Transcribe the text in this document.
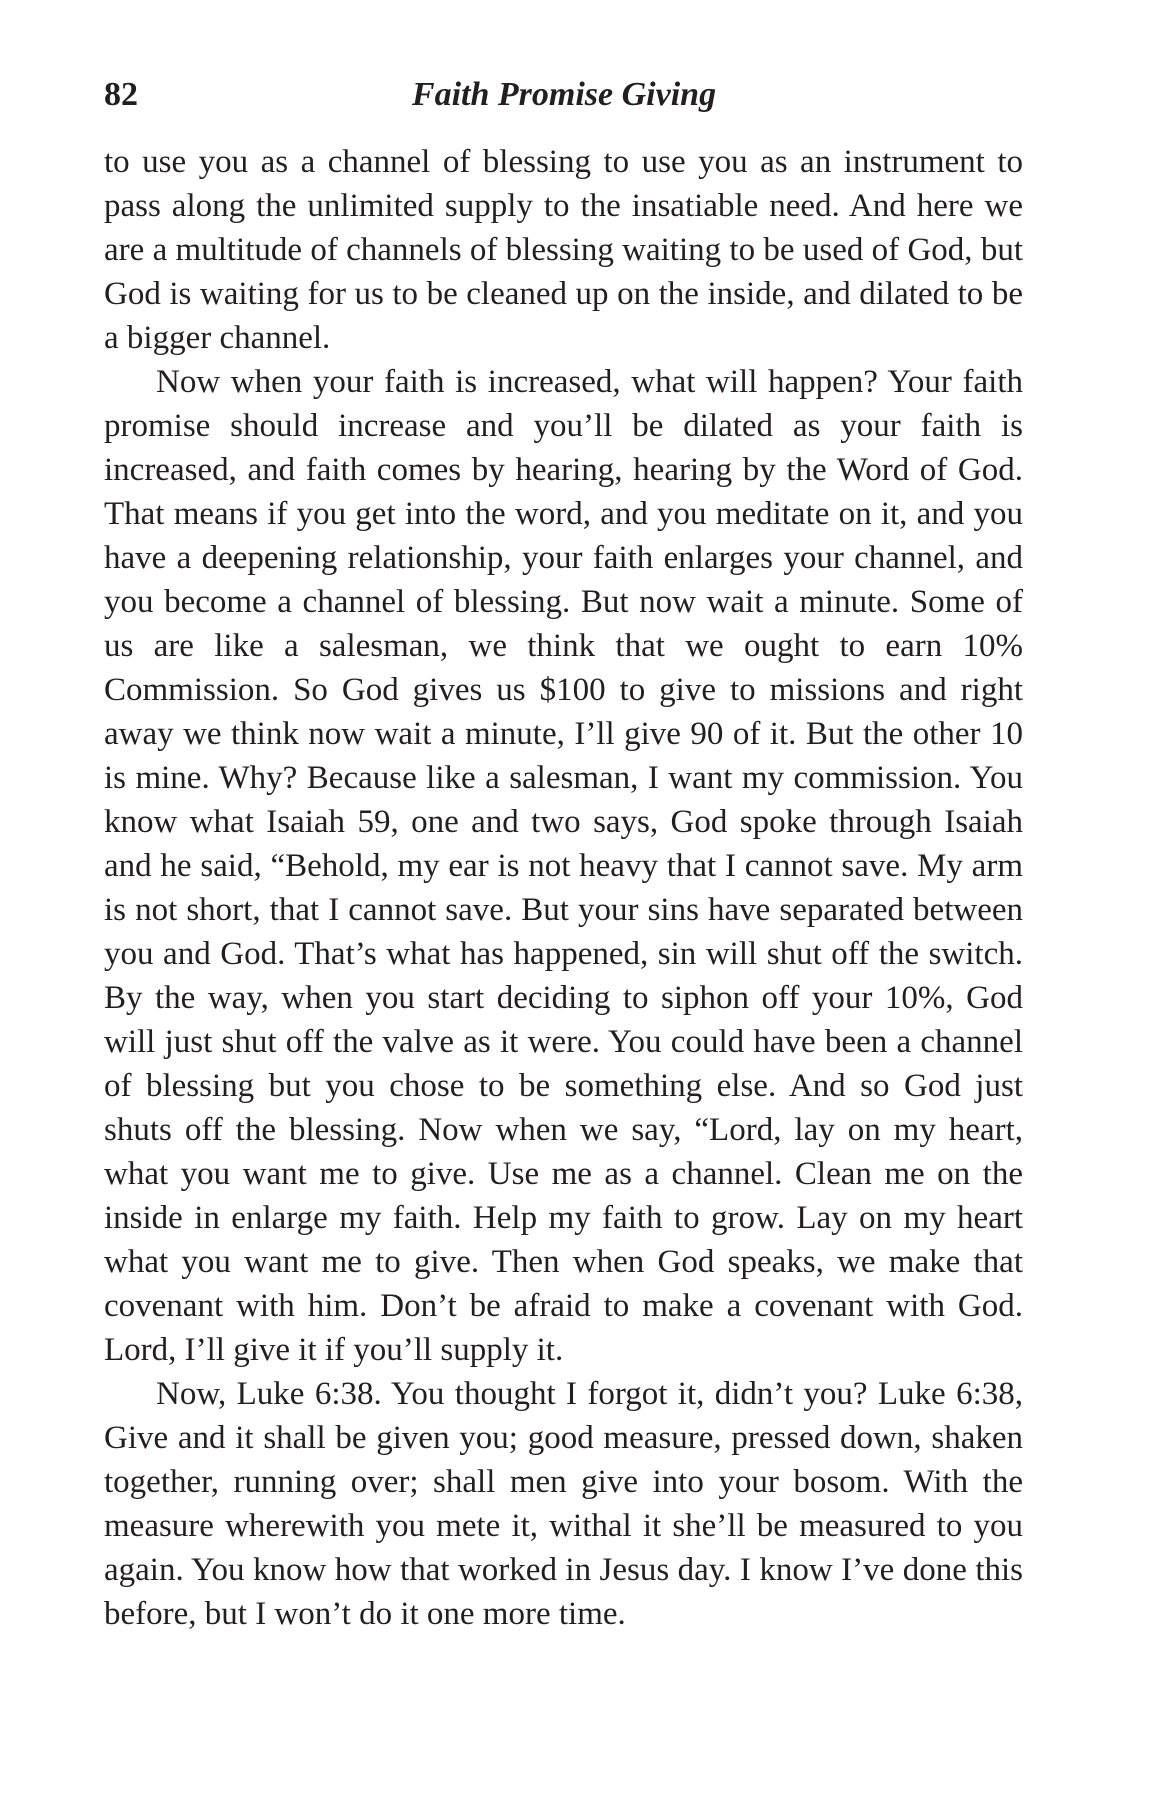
82	Faith Promise Giving

to use you as a channel of blessing to use you as an instrument to pass along the unlimited supply to the insatiable need. And here we are a multitude of channels of blessing waiting to be used of God, but God is waiting for us to be cleaned up on the inside, and dilated to be a bigger channel.

Now when your faith is increased, what will happen? Your faith promise should increase and you’ll be dilated as your faith is increased, and faith comes by hearing, hearing by the Word of God. That means if you get into the word, and you meditate on it, and you have a deepening relationship, your faith enlarges your channel, and you become a channel of blessing. But now wait a minute. Some of us are like a salesman, we think that we ought to earn 10% Commission. So God gives us $100 to give to missions and right away we think now wait a minute, I’ll give 90 of it. But the other 10 is mine. Why? Because like a salesman, I want my commission. You know what Isaiah 59, one and two says, God spoke through Isaiah and he said, “Behold, my ear is not heavy that I cannot save. My arm is not short, that I cannot save. But your sins have separated between you and God. That’s what has happened, sin will shut off the switch. By the way, when you start deciding to siphon off your 10%, God will just shut off the valve as it were. You could have been a channel of blessing but you chose to be something else. And so God just shuts off the blessing. Now when we say, “Lord, lay on my heart, what you want me to give. Use me as a channel. Clean me on the inside in enlarge my faith. Help my faith to grow. Lay on my heart what you want me to give. Then when God speaks, we make that covenant with him. Don’t be afraid to make a covenant with God. Lord, I’ll give it if you’ll supply it.

Now, Luke 6:38. You thought I forgot it, didn’t you? Luke 6:38, Give and it shall be given you; good measure, pressed down, shaken together, running over; shall men give into your bosom. With the measure wherewith you mete it, withal it she’ll be measured to you again. You know how that worked in Jesus day. I know I’ve done this before, but I won’t do it one more time.
